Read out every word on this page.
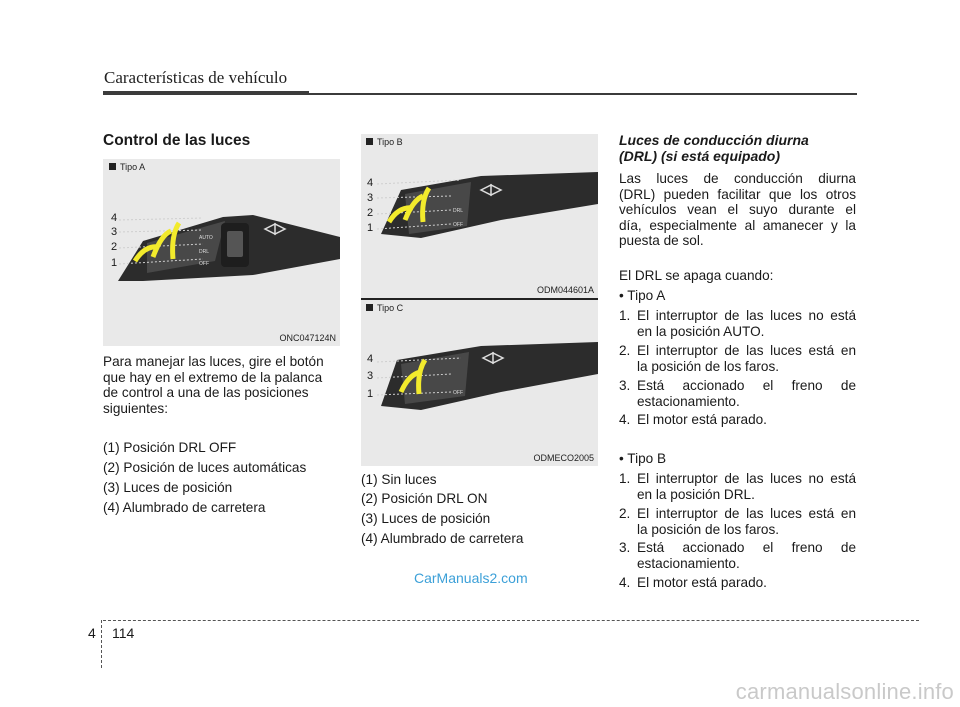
Características de vehículo
Control de las luces
Tipo A
4
3
2
1
AUTO
DRL
OFF
ONC047124N

Para manejar las luces, gire el botón

que hay en el extremo de la palanca

de control a una de las posiciones

siguientes:

(1) Posición DRL OFF
(2) Posición de luces automáticas
(3) Luces de posición
(4) Alumbrado de carretera
Tipo B
4
3
2
1
DRL
OFF
ODM044601A
Tipo C
4
3
1	OFF
ODMECO2005
(1) Sin luces
(2) Posición DRL ON
(3) Luces de posición
(4) Alumbrado de carretera
Luces de conducción diurna
(DRL) (si está equipado)

Las luces de conducción diurna

(DRL) pueden facilitar que los otros

vehículos vean el suyo durante el

día, especialmente al amanecer y la

puesta de sol.

El DRL se apaga cuando:
• Tipo A
1. El interruptor de las luces no está
en la posición AUTO.
2. El interruptor de las luces está en
la posición de los faros.
3. Está accionado el freno de
estacionamiento.
4. El motor está parado.
• Tipo B
1. El interruptor de las luces no está
en la posición DRL.
2. El interruptor de las luces está en
la posición de los faros.
3. Está accionado el freno de
estacionamiento.
4. El motor está parado.
CarManuals2.com
4 114
carmanualsonline.info
